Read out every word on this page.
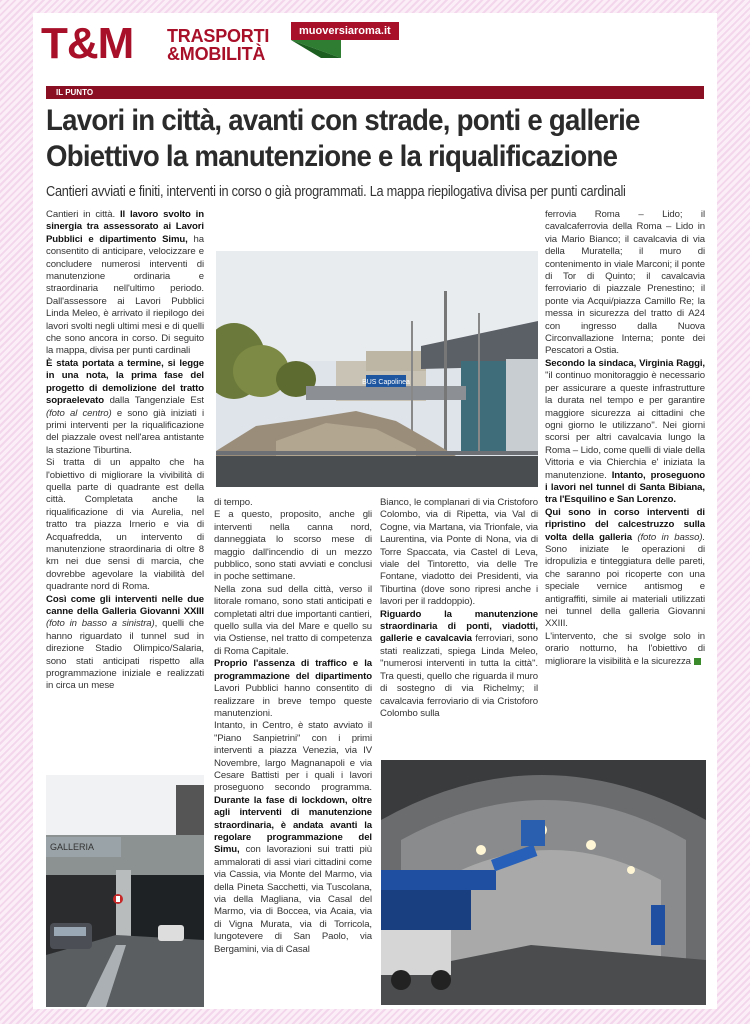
T&M TRASPORTI
&MOBILITÀ
muoversiaroma.it
IL PUNTO
Lavori in città, avanti con strade, ponti e gallerie
Obiettivo la manutenzione e la riqualificazione
Cantieri avviati e finiti, interventi in corso o già programmati. La mappa riepilogativa divisa per punti cardinali

Cantieri in città. Il lavoro svolto in sinergia tra assessorato ai Lavori Pubblici e dipartimento Simu, ha consentito di anticipare, velocizzare e concludere numerosi interventi di manutenzione ordinaria e straordinaria nell'ultimo periodo. Dall'assessore ai Lavori Pubblici Linda Meleo, è arrivato il riepilogo dei lavori svolti negli ultimi mesi e di quelli che sono ancora in corso. Di seguito la mappa, divisa per punti cardinali

È stata portata a termine, si legge in una nota, la prima fase del progetto di demolizione del tratto sopraelevato dalla Tangenziale Est (foto al centro) e sono già iniziati i primi interventi per la riqualificazione del piazzale ovest nell'area antistante la stazione Tiburtina.

Si tratta di un appalto che ha l'obiettivo di migliorare la vivibilità di quella parte di quadrante est della città. Completata anche la riqualificazione di via Aurelia, nel tratto tra piazza Irnerio e via di Acquafredda, un intervento di manutenzione straordinaria di oltre 8 km nei due sensi di marcia, che dovrebbe agevolare la viabilità del quadrante nord di Roma.

Così come gli interventi nelle due canne della Galleria Giovanni XXIII (foto in basso a sinistra), quelli che hanno riguardato il tunnel sud in direzione Stadio Olimpico/Salaria, sono stati anticipati rispetto alla programmazione iniziale e realizzati in circa un mese

BUS Capolinea

di tempo.

E a questo, proposito, anche gli interventi nella canna nord, danneggiata lo scorso mese di maggio dall'incendio di un mezzo pubblico, sono stati avviati e conclusi in poche settimane.

Nella zona sud della città, verso il litorale romano, sono stati anticipati e completati altri due importanti cantieri, quello sulla via del Mare e quello su via Ostiense, nel tratto di competenza di Roma Capitale.

Proprio l'assenza di traffico e la programmazione del dipartimento Lavori Pubblici hanno consentito di realizzare in breve tempo queste manutenzioni.

Intanto, in Centro, è stato avviato il "Piano Sanpietrini" con i primi interventi a piazza Venezia, via IV Novembre, largo Magnanapoli e via Cesare Battisti per i quali i lavori proseguono secondo programma. Durante la fase di lockdown, oltre agli interventi di manutenzione straordinaria, è andata avanti la regolare programmazione del Simu, con lavorazioni sui tratti più ammalorati di assi viari cittadini come via Cassia, via Monte del Marmo, via della Pineta Sacchetti, via Tuscolana, via della Magliana, via Casal del Marmo, via di Boccea, via Acaia, via di Vigna Murata, via di Torricola, lungotevere di San Paolo, via Bergamini, via di Casal

Bianco, le complanari di via Cristoforo Colombo, via di Ripetta, via Val di Cogne, via Martana, via Trionfale, via Laurentina, via Ponte di Nona, via di Torre Spaccata, via Castel di Leva, viale del Tintoretto, via delle Tre Fontane, viadotto dei Presidenti, via Tiburtina (dove sono ripresi anche i lavori per il raddoppio).

Riguardo la manutenzione straordinaria di ponti, viadotti, gallerie e cavalcavia ferroviari, sono stati realizzati, spiega Linda Meleo, ''numerosi interventi in tutta la città''. Tra questi, quello che riguarda il muro di sostegno di via Richelmy; il cavalcavia ferroviario di via Cristoforo Colombo sulla

ferrovia Roma – Lido; il cavalcaferrovia della Roma – Lido in via Mario Bianco; il cavalcavia di via della Muratella; il muro di contenimento in viale Marconi; il ponte di Tor di Quinto; il cavalcavia ferroviario di piazzale Prenestino; il ponte via Acqui/piazza Camillo Re; la messa in sicurezza del tratto di A24 con ingresso dalla Nuova Circonvallazione Interna; ponte dei Pescatori a Ostia.

Secondo la sindaca, Virginia Raggi, ''il continuo monitoraggio è necessario per assicurare a queste infrastrutture la durata nel tempo e per garantire maggiore sicurezza ai cittadini che ogni giorno le utilizzano''. Nei giorni scorsi per altri cavalcavia lungo la Roma – Lido, come quelli di viale della Vittoria e via Chierchia e' iniziata la manutenzione. Intanto, proseguono i lavori nel tunnel di Santa Bibiana, tra l'Esquilino e San Lorenzo.

Qui sono in corso interventi di ripristino del calcestruzzo sulla volta della galleria (foto in basso). Sono iniziate le operazioni di idropulizia e tinteggiatura delle pareti, che saranno poi ricoperte con una speciale vernice antismog e antigraffiti, simile ai materiali utilizzati nei tunnel della galleria Giovanni XXIII.

L'intervento, che si svolge solo in orario notturno, ha l'obiettivo di migliorare la visibilità e la sicurezza

GALLERIA
